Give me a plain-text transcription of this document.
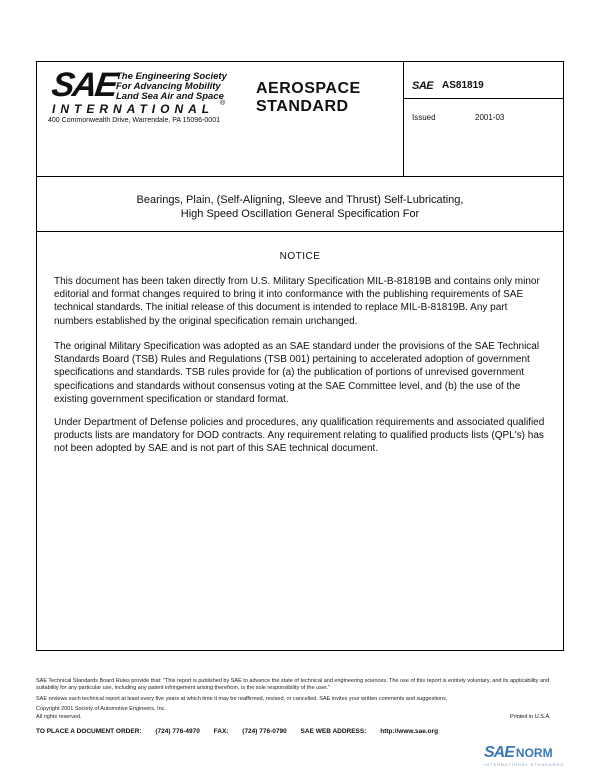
SAE
The Engineering Society
For Advancing Mobility
Land Sea Air and Space
INTERNATIONAL ®
400 Commonwealth Drive, Warrendale, PA 15096-0001
AEROSPACE
STANDARD
SAE AS81819
Issued	2001-03
Bearings, Plain, (Self-Aligning, Sleeve and Thrust) Self-Lubricating,
High Speed Oscillation General Specification For
NOTICE
This document has been taken directly from U.S. Military Specification MIL-B-81819B and contains only minor editorial and format changes required to bring it into conformance with the publishing requirements of SAE technical standards. The initial release of this document is intended to replace MIL-B-81819B. Any part numbers established by the original specification remain unchanged.
The original Military Specification was adopted as an SAE standard under the provisions of the SAE Technical Standards Board (TSB) Rules and Regulations (TSB 001) pertaining to accelerated adoption of government specifications and standards. TSB rules provide for (a) the publication of portions of unrevised government specifications and standards without consensus voting at the SAE Committee level, and (b) the use of the existing government specification or standard format.
Under Department of Defense policies and procedures, any qualification requirements and associated qualified products lists are mandatory for DOD contracts. Any requirement relating to qualified products lists (QPL's) has not been adopted by SAE and is not part of this SAE technical document.
SAE Technical Standards Board Rules provide that: "This report is published by SAE to advance the state of technical and engineering sciences. The use of this report is entirely voluntary, and its applicability and suitability for any particular use, including any patent infringement arising therefrom, is the sole responsibility of the user."
SAE reviews each technical report at least every five years at which time it may be reaffirmed, revised, or cancelled. SAE invites your written comments and suggestions.
Copyright 2001 Society of Automotive Engineers, Inc.
All rights reserved.	Printed in U.S.A.
TO PLACE A DOCUMENT ORDER: (724) 776-4970 FAX: (724) 776-0790 SAE WEB ADDRESS: http://www.sae.org
SAE NORM
INTERNATIONAL STANDARDS
